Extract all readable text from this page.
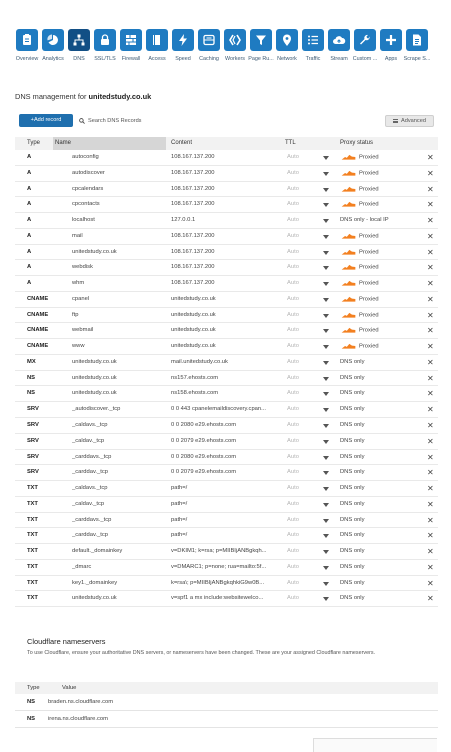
Overview Analytics	DNS	SSL/TLS	Firewall	Access	Speed	Caching	Workers Page Ru... Network	Traffic	Stream Custom ...	Apps	Scrape S...
DNS management for unitedstudy.co.uk
+Add record	Search DNS Records	Advanced
Type Name	Content	TTL	Proxy status
A	autoconfig	108.167.137.200	Auto	Proxied	✕
A	autodiscover	108.167.137.200	Auto	Proxied	✕
A	cpcalendars	108.167.137.200	Auto	Proxied	✕
A	cpcontacts	108.167.137.200	Auto	Proxied	✕
A	localhost	127.0.0.1	Auto	DNS only - local IP	✕
A	mail	108.167.137.200	Auto	Proxied	✕
A	unitedstudy.co.uk	108.167.137.200	Auto	Proxied	✕
A	webdisk	108.167.137.200	Auto	Proxied	✕
A	whm	108.167.137.200	Auto	Proxied	✕
CNAME	cpanel	unitedstudy.co.uk	Auto	Proxied	✕
CNAME	ftp	unitedstudy.co.uk	Auto	Proxied	✕
CNAME	webmail	unitedstudy.co.uk	Auto	Proxied	✕
CNAME	www	unitedstudy.co.uk	Auto	Proxied	✕
MX	unitedstudy.co.uk	mail.unitedstudy.co.uk	Auto	DNS only	✕
NS	unitedstudy.co.uk	ns157.ehosts.com	Auto	DNS only	✕
NS	unitedstudy.co.uk	ns158.ehosts.com	Auto	DNS only	✕
SRV	_autodiscover._tcp	0 0 443 cpanelemaildiscovery.cpan...	Auto	DNS only	✕
SRV	_caldavs._tcp	0 0 2080 e29.ehosts.com	Auto	DNS only	✕
SRV	_caldav._tcp	0 0 2079 e29.ehosts.com	Auto	DNS only	✕
SRV	_carddavs._tcp	0 0 2080 e29.ehosts.com	Auto	DNS only	✕
SRV	_carddav._tcp	0 0 2079 e29.ehosts.com	Auto	DNS only	✕
TXT	_caldavs._tcp	path=/	Auto	DNS only	✕
TXT	_caldav._tcp	path=/	Auto	DNS only	✕
TXT	_carddavs._tcp	path=/	Auto	DNS only	✕
TXT	_carddav._tcp	path=/	Auto	DNS only	✕
TXT	default._domainkey	v=DKIM1; k=rsa; p=MIIBIjANBgkqh...	Auto	DNS only	✕
TXT	_dmarc	v=DMARC1; p=none; rua=mailto:5f...	Auto	DNS only	✕
TXT	key1._domainkey	k=rsa\; p=MIIBIjANBgkqhkiG9w0B...	Auto	DNS only	✕
TXT	unitedstudy.co.uk	v=spf1 a mx include:websitewelco...	Auto	DNS only	✕
Cloudflare nameservers
To use Cloudflare, ensure your authoritative DNS servers, or nameservers have been changed. These are your assigned Cloudflare nameservers.
Type	Value
NS braden.ns.cloudflare.com
NS irena.ns.cloudflare.com
